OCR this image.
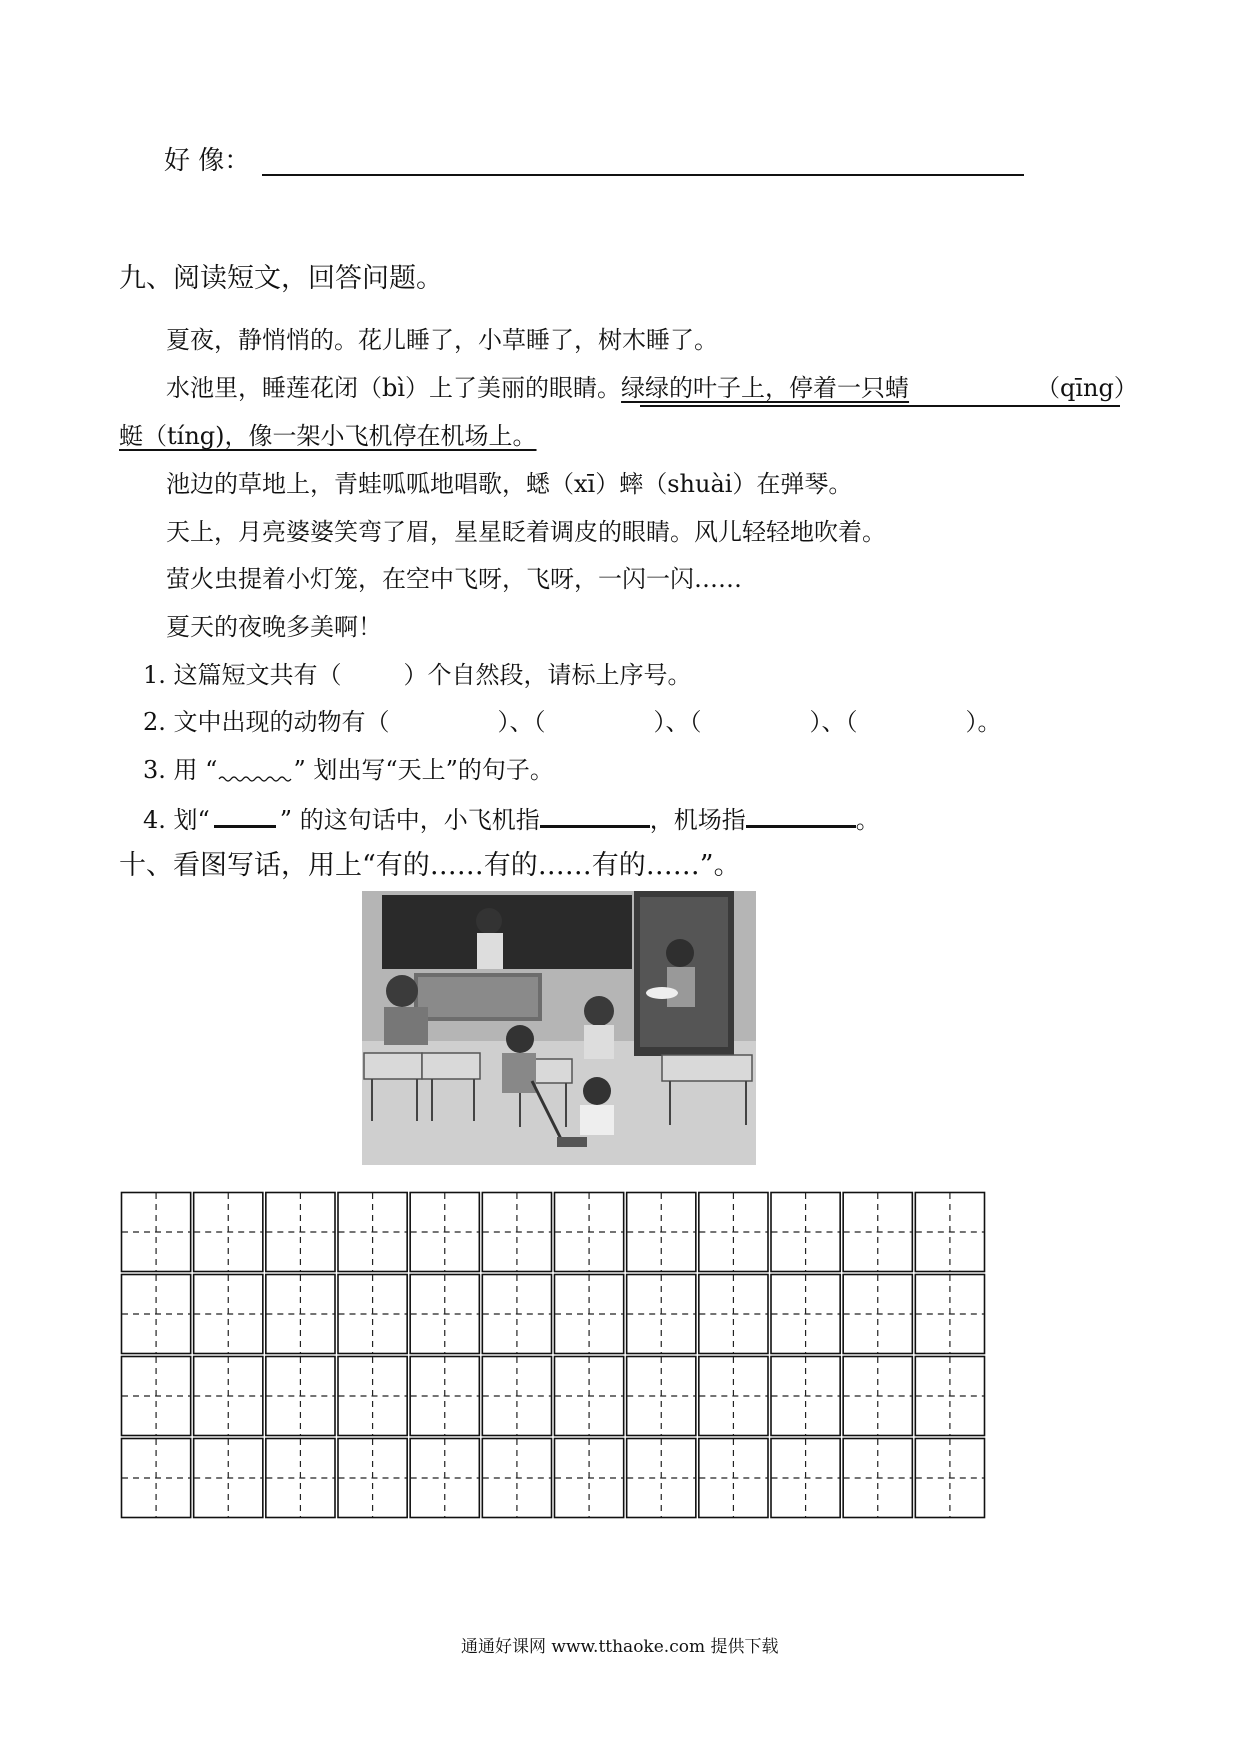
好 像：
九、阅读短文，回答问题。
夏夜，静悄悄的。花儿睡了，小草睡了，树木睡了。
水池里，睡莲花闭（bì）上了美丽的眼睛。绿绿的叶子上，停着一只蜻	（qīng）
蜓（tíng)，像一架小飞机停在机场上。
池边的草地上，青蛙呱呱地唱歌，蟋（xī）蟀（shuài）在弹琴。
天上，月亮婆婆笑弯了眉，星星眨着调皮的眼睛。风儿轻轻地吹着。
萤火虫提着小灯笼，在空中飞呀，飞呀，一闪一闪……
夏天的夜晚多美啊！
1. 这篇短文共有（	）个自然段，请标上序号。
2. 文中出现的动物有（	）、（	）、（	）、（	）。
3. 用 “	” 划出写“天上”的句子。
4. 划“	” 的这句话中，小飞机指	，机场指	。
十、看图写话，用上“有的……有的……有的……”。
通通好课网 www.tthaoke.com 提供下载
